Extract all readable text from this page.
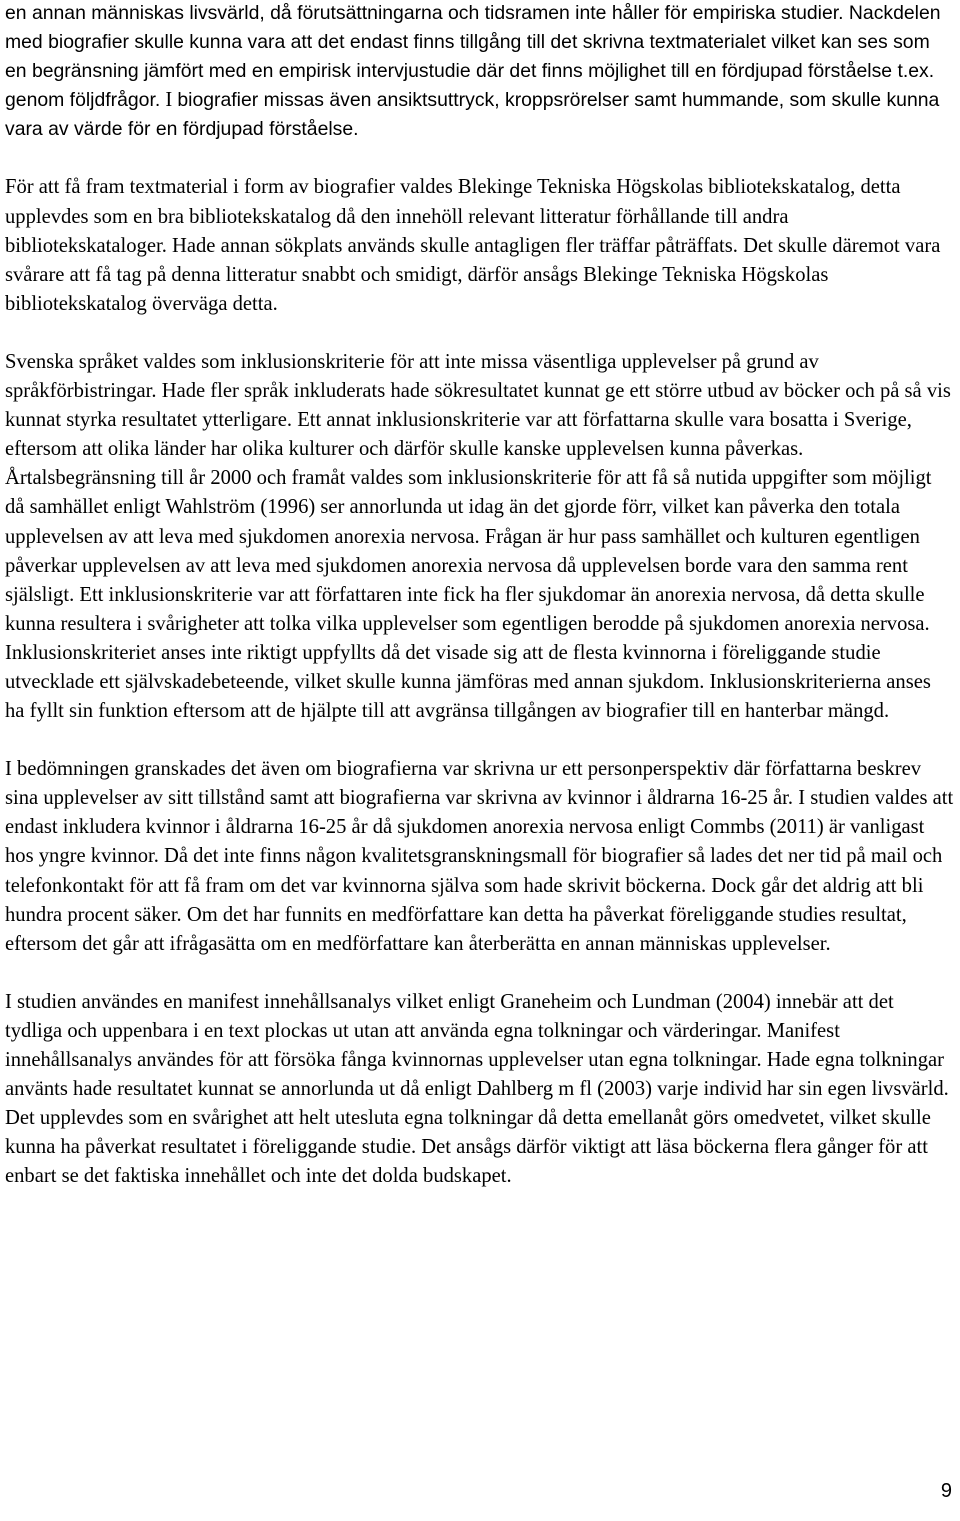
en annan människas livsvärld, då förutsättningarna och tidsramen inte håller för empiriska studier. Nackdelen med biografier skulle kunna vara att det endast finns tillgång till det skrivna textmaterialet vilket kan ses som en begränsning jämfört med en empirisk intervjustudie där det finns möjlighet till en fördjupad förståelse t.ex. genom följdfrågor. I biografier missas även ansiktsuttryck, kroppsrörelser samt hummande, som skulle kunna vara av värde för en fördjupad förståelse.

För att få fram textmaterial i form av biografier valdes Blekinge Tekniska Högskolas bibliotekskatalog, detta upplevdes som en bra bibliotekskatalog då den innehöll relevant litteratur förhållande till andra bibliotekskataloger. Hade annan sökplats används skulle antagligen fler träffar påträffats. Det skulle däremot vara svårare att få tag på denna litteratur snabbt och smidigt, därför ansågs Blekinge Tekniska Högskolas bibliotekskatalog överväga detta.

Svenska språket valdes som inklusionskriterie för att inte missa väsentliga upplevelser på grund av språkförbistringar. Hade fler språk inkluderats hade sökresultatet kunnat ge ett större utbud av böcker och på så vis kunnat styrka resultatet ytterligare. Ett annat inklusionskriterie var att författarna skulle vara bosatta i Sverige, eftersom att olika länder har olika kulturer och därför skulle kanske upplevelsen kunna påverkas. Årtalsbegränsning till år 2000 och framåt valdes som inklusionskriterie för att få så nutida uppgifter som möjligt då samhället enligt Wahlström (1996) ser annorlunda ut idag än det gjorde förr, vilket kan påverka den totala upplevelsen av att leva med sjukdomen anorexia nervosa. Frågan är hur pass samhället och kulturen egentligen påverkar upplevelsen av att leva med sjukdomen anorexia nervosa då upplevelsen borde vara den samma rent själsligt. Ett inklusionskriterie var att författaren inte fick ha fler sjukdomar än anorexia nervosa, då detta skulle kunna resultera i svårigheter att tolka vilka upplevelser som egentligen berodde på sjukdomen anorexia nervosa. Inklusionskriteriet anses inte riktigt uppfyllts då det visade sig att de flesta kvinnorna i föreliggande studie utvecklade ett självskadebeteende, vilket skulle kunna jämföras med annan sjukdom. Inklusionskriterierna anses ha fyllt sin funktion eftersom att de hjälpte till att avgränsa tillgången av biografier till en hanterbar mängd.

I bedömningen granskades det även om biografierna var skrivna ur ett personperspektiv där författarna beskrev sina upplevelser av sitt tillstånd samt att biografierna var skrivna av kvinnor i åldrarna 16-25 år. I studien valdes att endast inkludera kvinnor i åldrarna 16-25 år då sjukdomen anorexia nervosa enligt Commbs (2011) är vanligast hos yngre kvinnor. Då det inte finns någon kvalitetsgranskningsmall för biografier så lades det ner tid på mail och telefonkontakt för att få fram om det var kvinnorna själva som hade skrivit böckerna. Dock går det aldrig att bli hundra procent säker. Om det har funnits en medförfattare kan detta ha påverkat föreliggande studies resultat, eftersom det går att ifrågasätta om en medförfattare kan återberätta en annan människas upplevelser.

I studien användes en manifest innehållsanalys vilket enligt Graneheim och Lundman (2004) innebär att det tydliga och uppenbara i en text plockas ut utan att använda egna tolkningar och värderingar. Manifest innehållsanalys användes för att försöka fånga kvinnornas upplevelser utan egna tolkningar. Hade egna tolkningar använts hade resultatet kunnat se annorlunda ut då enligt Dahlberg m fl (2003) varje individ har sin egen livsvärld. Det upplevdes som en svårighet att helt utesluta egna tolkningar då detta emellanåt görs omedvetet, vilket skulle kunna ha påverkat resultatet i föreliggande studie. Det ansågs därför viktigt att läsa böckerna flera gånger för att enbart se det faktiska innehållet och inte det dolda budskapet.

9
